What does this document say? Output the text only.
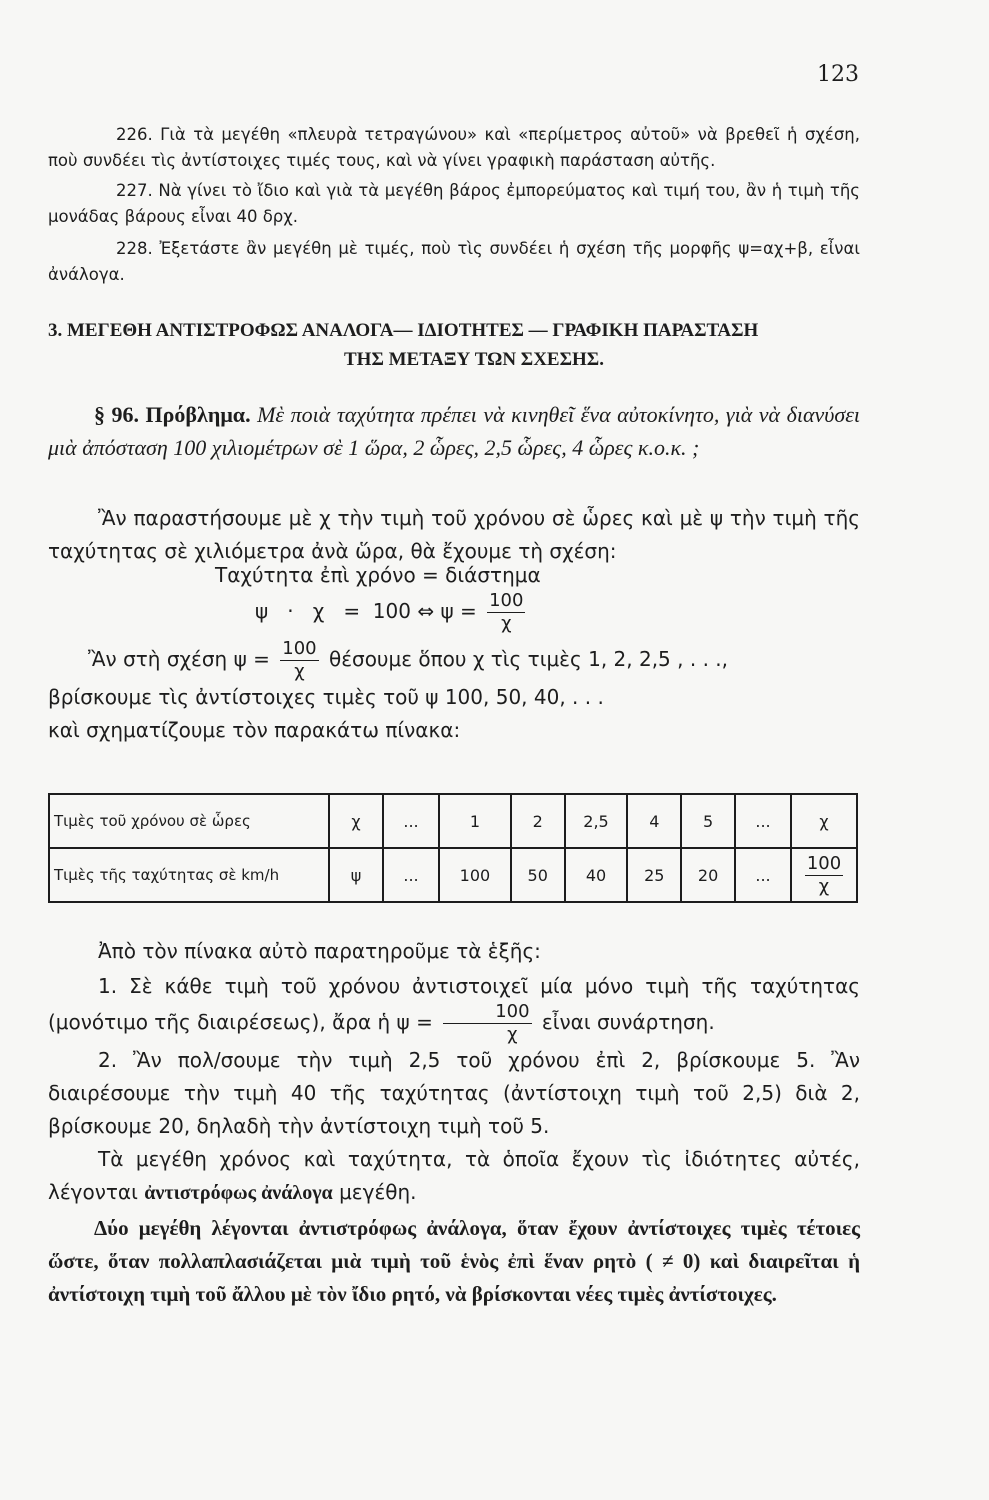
123

226. Γιὰ τὰ μεγέθη «πλευρὰ τετραγώνου» καὶ «περίμετρος αὐτοῦ» νὰ βρεθεῖ ἡ σχέση, ποὺ συνδέει τὶς ἀντίστοιχες τιμές τους, καὶ νὰ γίνει γραφικὴ παράσταση αὐτῆς.

227. Νὰ γίνει τὸ ἴδιο καὶ γιὰ τὰ μεγέθη βάρος ἐμπορεύματος καὶ τιμή του, ἂν ἡ τιμὴ τῆς μονάδας βάρους εἶναι 40 δρχ.

228. Ἐξετάστε ἂν μεγέθη μὲ τιμές, ποὺ τὶς συνδέει ἡ σχέση τῆς μορφῆς ψ=αχ+β, εἶναι ἀνάλογα.

3. ΜΕΓΕΘΗ ΑΝΤΙΣΤΡΟΦΩΣ ΑΝΑΛΟΓΑ— ΙΔΙΟΤΗΤΕΣ — ΓΡΑΦΙΚΗ ΠΑΡΑΣΤΑΣΗ
ΤΗΣ ΜΕΤΑΞΥ ΤΩΝ ΣΧΕΣΗΣ.
§ 96. Πρόβλημα. Μὲ ποιὰ ταχύτητα πρέπει νὰ κινηθεῖ ἕνα αὐτοκίνητο, γιὰ νὰ διανύσει μιὰ ἀπόσταση 100 χιλιομέτρων σὲ 1 ὥρα, 2 ὧρες, 2,5 ὧρες, 4 ὧρες κ.ο.κ. ;

Ἂν παραστήσουμε μὲ χ τὴν τιμὴ τοῦ χρόνου σὲ ὧρες καὶ μὲ ψ τὴν τιμὴ τῆς ταχύτητας σὲ χιλιόμετρα ἀνὰ ὥρα, θὰ ἔχουμε τὴ σχέση:

Ταχύτητα ἐπὶ χρόνο = διάστημα
ψ   ·   χ   =  100 ⇔ $\psi = \frac{100}{\chi}$

Ἂν στὴ σχέση $\psi = \frac{100}{\chi}$ θέσουμε ὅπου χ τὶς τιμὲς 1, 2, 2,5 , . . .,

βρίσκουμε τὶς ἀντίστοιχες τιμὲς τοῦ ψ 100, 50, 40, . . .

καὶ σχηματίζουμε τὸν παρακάτω πίνακα:

Τιμὲς τοῦ χρόνου σὲ ὧρες	χ	...	1	2	2,5	4	5	...	χ
Τιμὲς τῆς ταχύτητας σὲ km/h	ψ	...	100	50	40	25	20	...	$\frac{100}{\chi}$

Ἀπὸ τὸν πίνακα αὐτὸ παρατηροῦμε τὰ ἑξῆς:

1. Σὲ κάθε τιμὴ τοῦ χρόνου ἀντιστοιχεῖ μία μόνο τιμὴ τῆς ταχύτητας (μονότιμο τῆς διαιρέσεως), ἄρα ἡ $\psi = \frac{100}{\chi}$ εἶναι συνάρτηση.

2. Ἂν πολ/σουμε τὴν τιμὴ 2,5 τοῦ χρόνου ἐπὶ 2, βρίσκουμε 5. Ἂν διαιρέσουμε τὴν τιμὴ 40 τῆς ταχύτητας (ἀντίστοιχη τιμὴ τοῦ 2,5) διὰ 2, βρίσκουμε 20, δηλαδὴ τὴν ἀντίστοιχη τιμὴ τοῦ 5.

Τὰ μεγέθη χρόνος καὶ ταχύτητα, τὰ ὁποῖα ἔχουν τὶς ἰδιότητες αὐτές, λέγονται ἀντιστρόφως ἀνάλογα μεγέθη.

Δύο μεγέθη λέγονται ἀντιστρόφως ἀνάλογα, ὅταν ἔχουν ἀντίστοιχες τιμὲς τέτοιες ὥστε, ὅταν πολλαπλασιάζεται μιὰ τιμὴ τοῦ ἑνὸς ἐπὶ ἕναν ρητὸ ( ≠ 0) καὶ διαιρεῖται ἡ ἀντίστοιχη τιμὴ τοῦ ἄλλου μὲ τὸν ἴδιο ρητό, νὰ βρίσκονται νέες τιμὲς ἀντίστοιχες.
